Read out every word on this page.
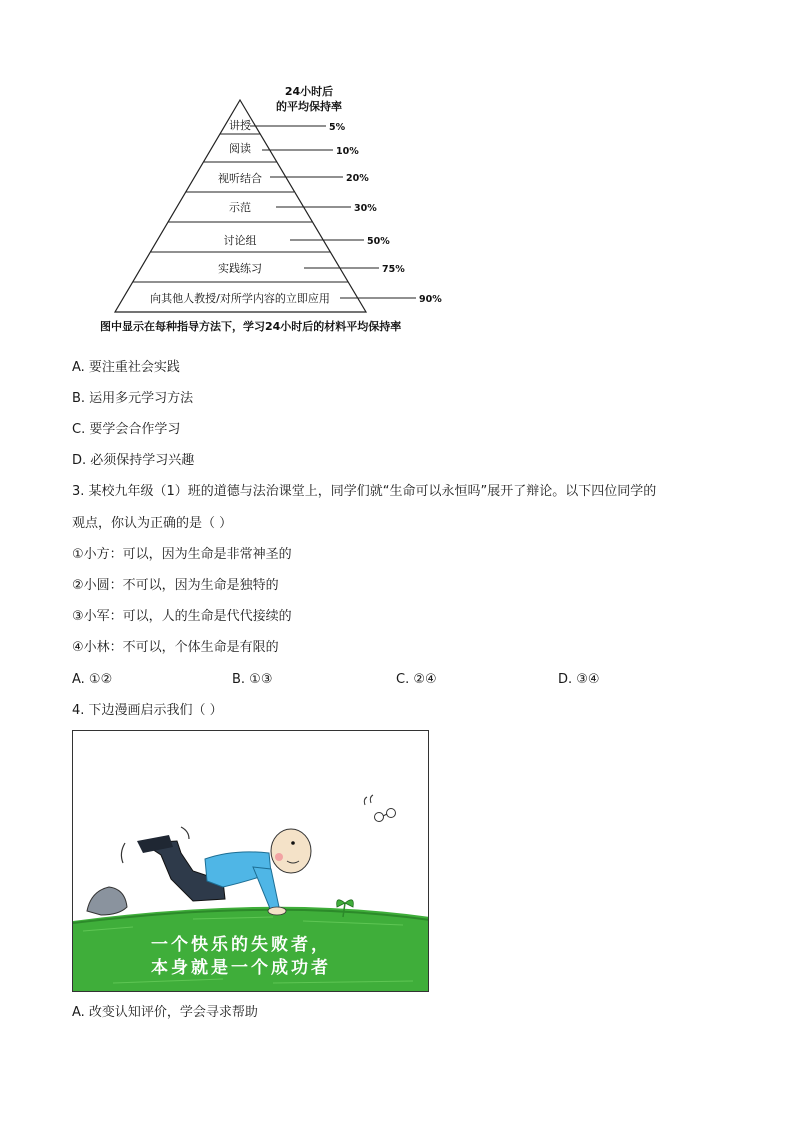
24小时后
的平均保持率
讲授
阅读
视听结合
示范
讨论组
实践练习
向其他人教授/对所学内容的立即应用
5%
10%
20%
30%
50%
75%
90%
图中显示在每种指导方法下，学习24小时后的材料平均保持率
A. 要注重社会实践
B. 运用多元学习方法
C. 要学会合作学习
D. 必须保持学习兴趣
3. 某校九年级（1）班的道德与法治课堂上，同学们就“生命可以永恒吗”展开了辩论。以下四位同学的
观点，你认为正确的是（ ）
①小方：可以，因为生命是非常神圣的
②小圆：不可以，因为生命是独特的
③小军：可以，人的生命是代代接续的
④小林：不可以，个体生命是有限的
A. ①②	B. ①③	C. ②④	D. ③④
4. 下边漫画启示我们（ ）
一个快乐的失败者，
本身就是一个成功者
A. 改变认知评价，学会寻求帮助
